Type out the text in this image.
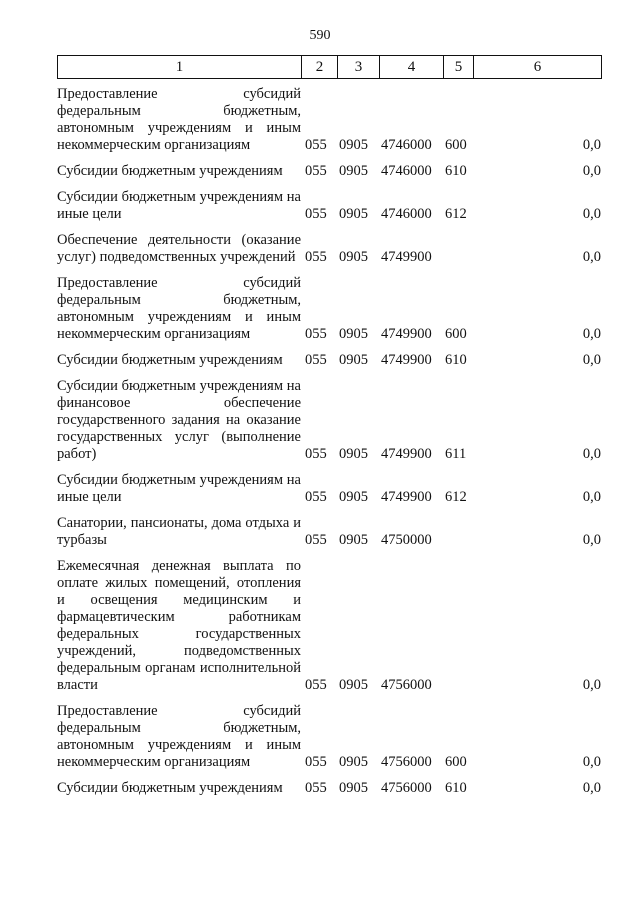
590
1	2	3	4	5	6
Предоставление субсидий федеральным бюджетным, автономным учреждениям и иным некоммерческим организациям	055	0905	4746000	600	0,0
Субсидии бюджетным учреждениям	055	0905	4746000	610	0,0
Субсидии бюджетным учреждениям на иные цели	055	0905	4746000	612	0,0
Обеспечение деятельности (оказание услуг) подведомственных учреждений	055	0905	4749900		0,0
Предоставление субсидий федеральным бюджетным, автономным учреждениям и иным некоммерческим организациям	055	0905	4749900	600	0,0
Субсидии бюджетным учреждениям	055	0905	4749900	610	0,0
Субсидии бюджетным учреждениям на финансовое обеспечение государственного задания на оказание государственных услуг (выполнение работ)	055	0905	4749900	611	0,0
Субсидии бюджетным учреждениям на иные цели	055	0905	4749900	612	0,0
Санатории, пансионаты, дома отдыха и турбазы	055	0905	4750000		0,0
Ежемесячная денежная выплата по оплате жилых помещений, отопления и освещения медицинским и фармацевтическим работникам федеральных государственных учреждений, подведомственных федеральным органам исполнительной власти	055	0905	4756000		0,0
Предоставление субсидий федеральным бюджетным, автономным учреждениям и иным некоммерческим организациям	055	0905	4756000	600	0,0
Субсидии бюджетным учреждениям	055	0905	4756000	610	0,0
